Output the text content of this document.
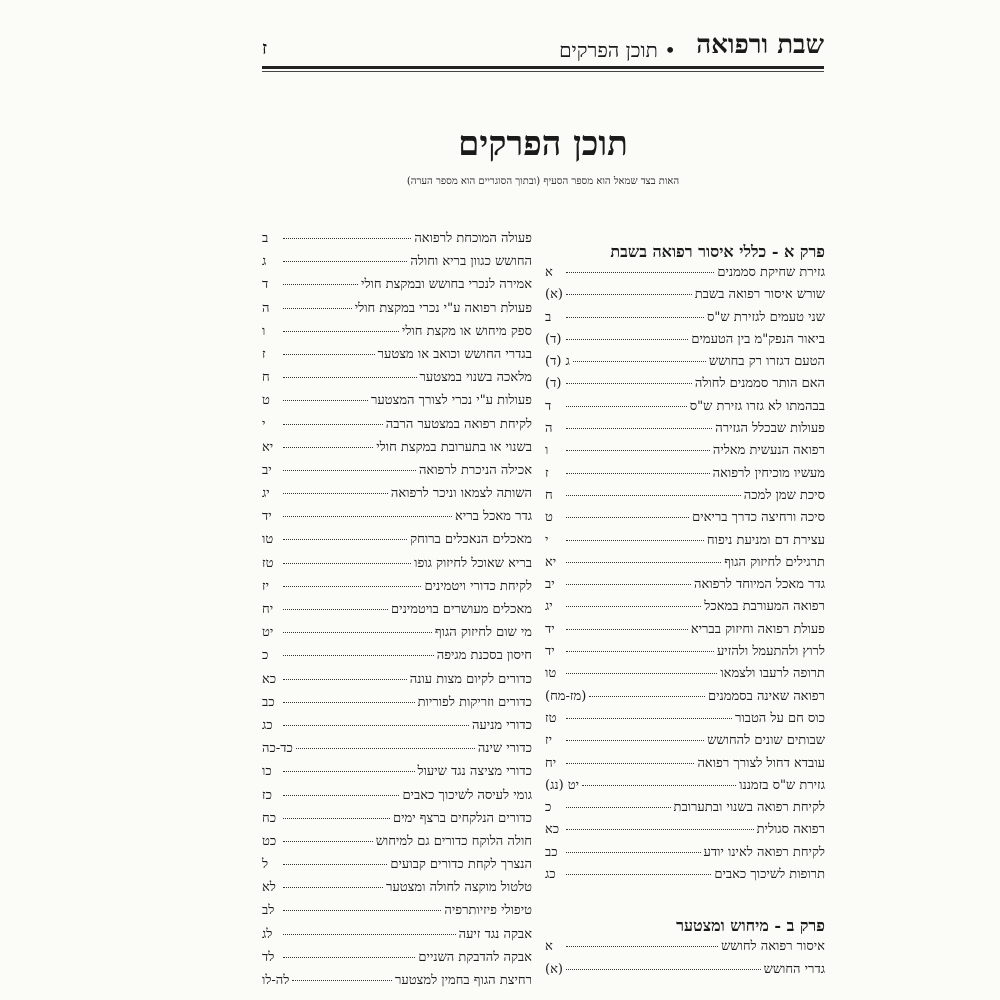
שבת ורפואה
• תוכן הפרקים
ז
תוכן הפרקים
האות בצד שמאל הוא מספר הסעיף (ובתוך הסוגריים הוא מספר הערה)
פרק א - כללי איסור רפואה בשבת
גזירת שחיקת סממנים
א
שורש איסור רפואה בשבת
(א)
שני טעמים לגזירת ש"ס
ב
ביאור הנפק"מ בין הטעמים
(ד)
הטעם דגזרו רק בחושש
ג (ד)
האם הותר סממנים לחולה
(ד)
בבהמתו לא גזרו גזירת ש"ס
ד
פעולות שבכלל הגזירה
ה
רפואה הנעשית מאליה
ו
מעשיו מוכיחין לרפואה
ז
סיכת שמן למכה
ח
סיכה ורחיצה כדרך בריאים
ט
עצירת דם ומניעת ניפוח
י
תרגילים לחיזוק הגוף
יא
גדר מאכל המיוחד לרפואה
יב
רפואה המעורבת במאכל
יג
פעולת רפואה וחיזוק בבריא
יד
לרוץ ולהתעמל ולהזיע
יד
תרופה לרעבו ולצמאו
טו
רפואה שאינה בסממנים
(מז-מח)
כוס חם על הטבור
טז
שבותים שונים להחושש
יז
עובדא דחול לצורך רפואה
יח
גזירת ש"ס בזמננו
יט (נג)
לקיחת רפואה בשנוי ובתערובת
כ
רפואה סגולית
כא
לקיחת רפואה לאינו יודע
כב
תרופות לשיכוך כאבים
כג
פרק ב - מיחוש ומצטער
איסור רפואה לחושש
א
גדרי החושש
(א)
פעולה המוכחת לרפואה
ב
החושש כגוון בריא וחולה
ג
אמירה לנכרי בחושש ובמקצת חולי
ד
פעולת רפואה ע"י נכרי במקצת חולי
ה
ספק מיחוש או מקצת חולי
ו
בגדרי החושש וכואב או מצטער
ז
מלאכה בשנוי במצטער
ח
פעולות ע"י נכרי לצורך המצטער
ט
לקיחת רפואה במצטער הרבה
י
בשנוי או בתערובת במקצת חולי
יא
אכילה הניכרת לרפואה
יב
השותה לצמאו וניכר לרפואה
יג
גדר מאכל בריא
יד
מאכלים הנאכלים ברוחק
טו
בריא שאוכל לחיזוק גופו
טז
לקיחת כדורי ויטמינים
יז
מאכלים מעושרים בויטמינים
יח
מי שום לחיזוק הגוף
יט
חיסון בסכנת מגיפה
כ
כדורים לקיום מצות עונה
כא
כדורים וזריקות לפוריות
כב
כדורי מניעה
כג
כדורי שינה
כד-כה
כדורי מציצה נגד שיעול
כו
גומי לעיסה לשיכוך כאבים
כז
כדורים הנלקחים ברצף ימים
כח
חולה הלוקח כדורים גם למיחוש
כט
הנצרך לקחת כדורים קבועים
ל
טלטול מוקצה לחולה ומצטער
לא
טיפולי פיזיותרפיה
לב
אבקה נגד זיעה
לג
אבקה להדבקת השניים
לד
רחיצת הגוף בחמין למצטער
לה-לו
